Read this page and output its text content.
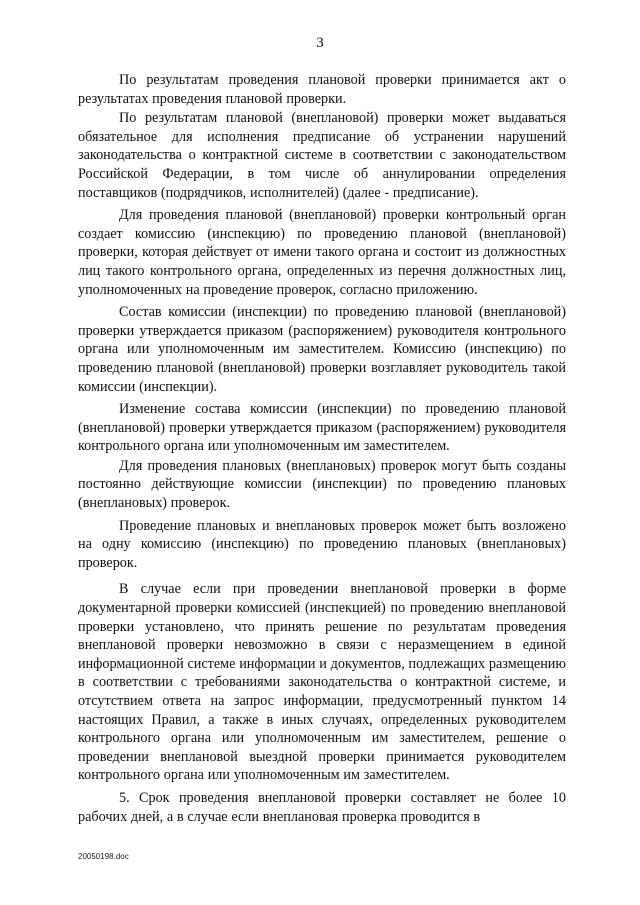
3

По результатам проведения плановой проверки принимается акт о результатах проведения плановой проверки.

По результатам плановой (внеплановой) проверки может выдаваться обязательное для исполнения предписание об устранении нарушений законодательства о контрактной системе в соответствии с законодательством Российской Федерации, в том числе об аннулировании определения поставщиков (подрядчиков, исполнителей) (далее - предписание).

Для проведения плановой (внеплановой) проверки контрольный орган создает комиссию (инспекцию) по проведению плановой (внеплановой) проверки, которая действует от имени такого органа и состоит из должностных лиц такого контрольного органа, определенных из перечня должностных лиц, уполномоченных на проведение проверок, согласно приложению.

Состав комиссии (инспекции) по проведению плановой (внеплановой) проверки утверждается приказом (распоряжением) руководителя контрольного органа или уполномоченным им заместителем. Комиссию (инспекцию) по проведению плановой (внеплановой) проверки возглавляет руководитель такой комиссии (инспекции).

Изменение состава комиссии (инспекции) по проведению плановой (внеплановой) проверки утверждается приказом (распоряжением) руководителя контрольного органа или уполномоченным им заместителем.

Для проведения плановых (внеплановых) проверок могут быть созданы постоянно действующие комиссии (инспекции) по проведению плановых (внеплановых) проверок.

Проведение плановых и внеплановых проверок может быть возложено на одну комиссию (инспекцию) по проведению плановых (внеплановых) проверок.

В случае если при проведении внеплановой проверки в форме документарной проверки комиссией (инспекцией) по проведению внеплановой проверки установлено, что принять решение по результатам проведения внеплановой проверки невозможно в связи с неразмещением в единой информационной системе информации и документов, подлежащих размещению в соответствии с требованиями законодательства о контрактной системе, и отсутствием ответа на запрос информации, предусмотренный пунктом 14 настоящих Правил, а также в иных случаях, определенных руководителем контрольного органа или уполномоченным им заместителем, решение о проведении внеплановой выездной проверки принимается руководителем контрольного органа или уполномоченным им заместителем.

5. Срок проведения внеплановой проверки составляет не более 10 рабочих дней, а в случае если внеплановая проверка проводится в

20050198.doc
